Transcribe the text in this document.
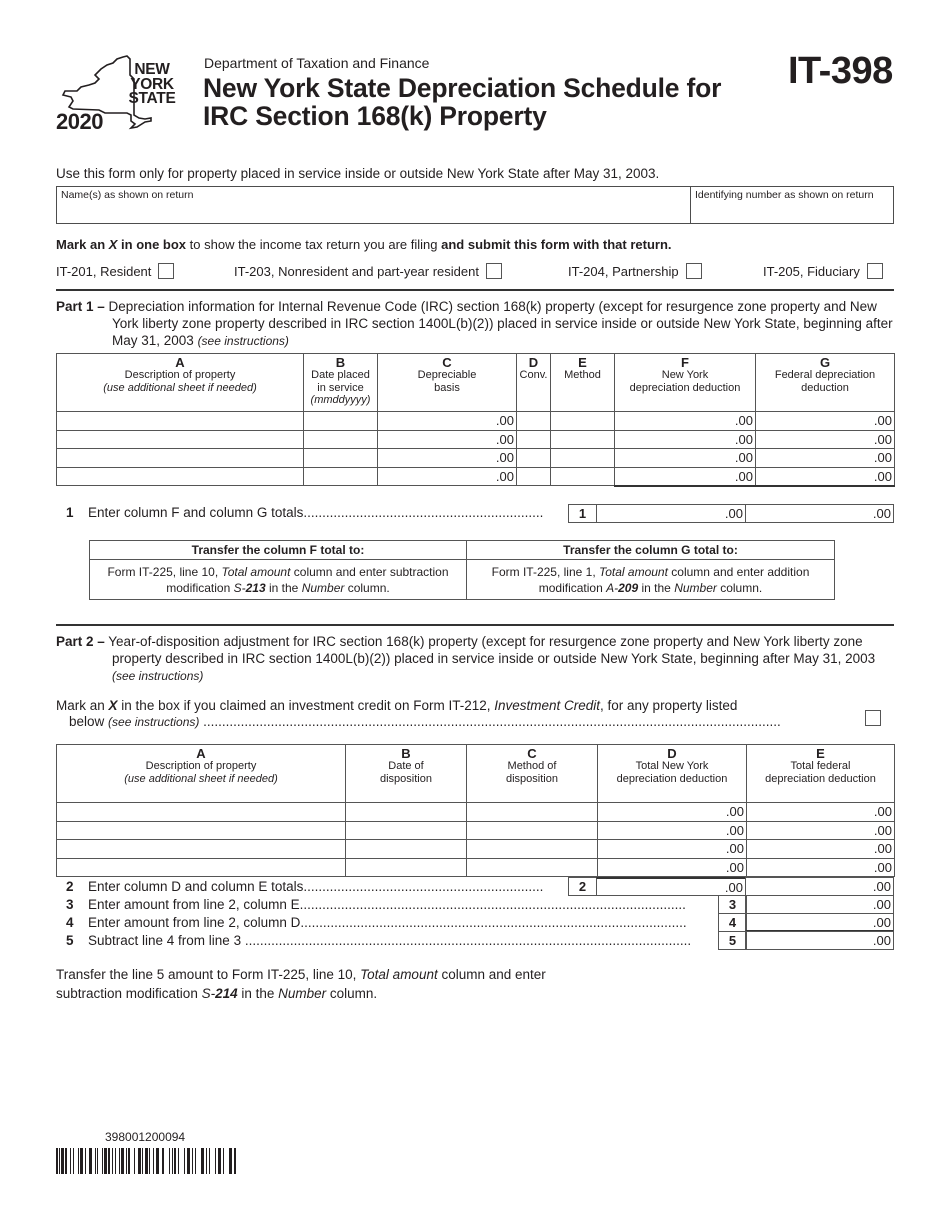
NEW
YORK
STATE
2020
Department of Taxation and Finance
New York State Depreciation Schedule for
IRC Section 168(k) Property
IT-398
Use this form only for property placed in service inside or outside New York State after May 31, 2003.
Name(s) as shown on return	Identifying number as shown on return
Mark an X in one box to show the income tax return you are filing and submit this form with that return.
IT-201, Resident	IT-203, Nonresident and part-year resident	IT-204, Partnership	IT-205, Fiduciary
Part 1 – Depreciation information for Internal Revenue Code (IRC) section 168(k) property (except for resurgence zone property and New York liberty zone property described in IRC section 1400L(b)(2)) placed in service inside or outside New York State, beginning after May 31, 2003 (see instructions)
A
Description of property
(use additional sheet if needed)	B
Date placed
in service
(mmddyyyy)	C
Depreciable
basis	D
Conv.	E
Method	F
New York
depreciation deduction	G
Federal depreciation
deduction
		.00			.00	.00
		.00			.00	.00
		.00			.00	.00
		.00			.00	.00
1 Enter column F and column G totals................................................................	1	.00	.00
Transfer the column F total to:	Transfer the column G total to:
Form IT-225, line 10, Total amount column and enter subtraction modification S-213 in the Number column.	Form IT-225, line 1, Total amount column and enter addition modification A-209 in the Number column.
Part 2 – Year-of-disposition adjustment for IRC section 168(k) property (except for resurgence zone property and New York liberty zone property described in IRC section 1400L(b)(2)) placed in service inside or outside New York State, beginning after May 31, 2003 (see instructions)
Mark an X in the box if you claimed an investment credit on Form IT-212, Investment Credit, for any property listed
below (see instructions) ..........................................................................................................................................................
A
Description of property
(use additional sheet if needed)	B
Date of
disposition	C
Method of
disposition	D
Total New York
depreciation deduction	E
Total federal
depreciation deduction
			.00	.00
			.00	.00
			.00	.00
			.00	.00
2 Enter column D and column E totals................................................................	2	.00	.00
3 Enter amount from line 2, column E.......................................................................................................	3	.00
4 Enter amount from line 2, column D.......................................................................................................	4	.00
5 Subtract line 4 from line 3 .......................................................................................................................	5	.00
Transfer the line 5 amount to Form IT-225, line 10, Total amount column and enter
subtraction modification S-214 in the Number column.
398001200094
